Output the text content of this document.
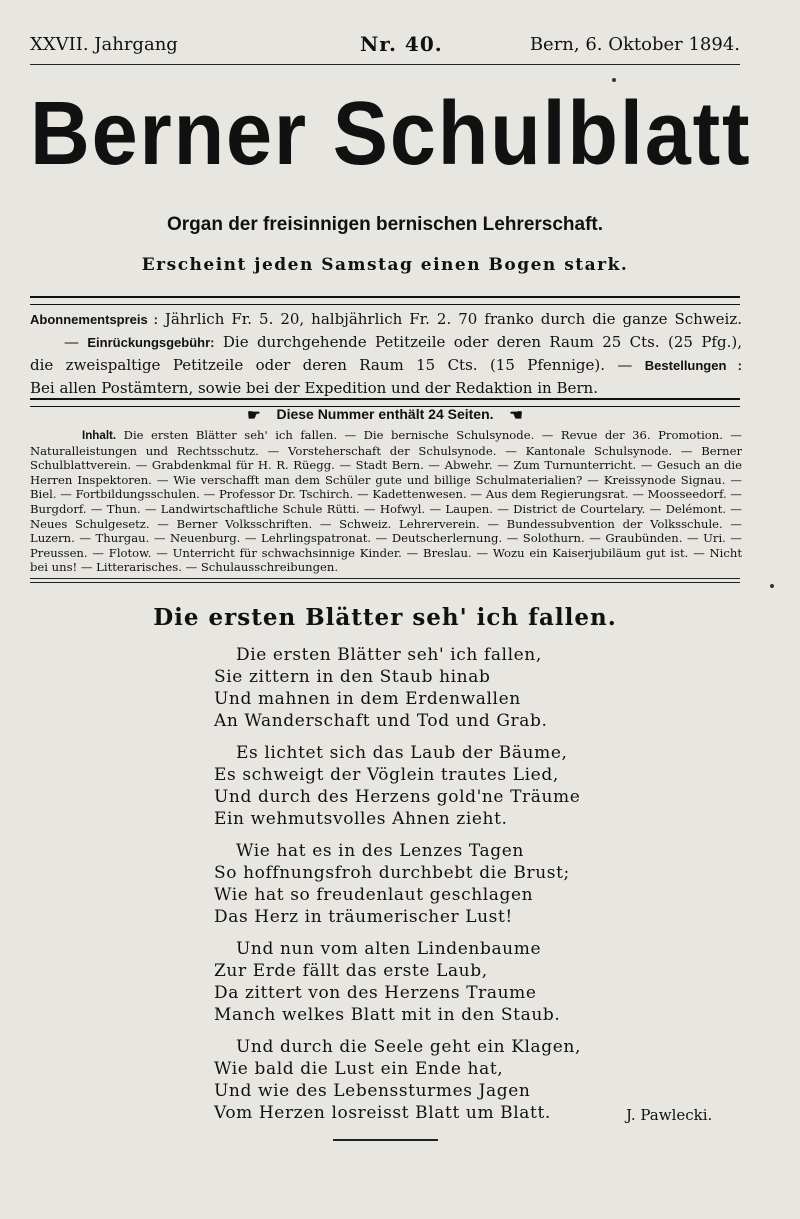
XXVII. Jahrgang	Nr. 40.	Bern, 6. Oktober 1894.
Berner Schulblatt
Organ der freisinnigen bernischen Lehrerschaft.
Erscheint jeden Samstag einen Bogen stark.

Abonnementspreis : Jährlich Fr. 5. 20, halbjährlich Fr. 2. 70 franko durch die ganze Schweiz.

— Einrückungsgebühr: Die durchgehende Petitzeile oder deren Raum 25 Cts. (25 Pfg.),

die zweispaltige Petitzeile oder deren Raum 15 Cts. (15 Pfennige). — Bestellungen :

Bei allen Postämtern, sowie bei der Expedition und der Redaktion in Bern.

☛ Diese Nummer enthält 24 Seiten. ☚

Inhalt. Die ersten Blätter seh' ich fallen. — Die bernische Schulsynode. — Revue der 36. Promotion. — Naturalleistungen und Rechtsschutz. — Vorsteherschaft der Schulsynode. — Kantonale Schulsynode. — Berner Schulblattverein. — Grabdenkmal für H. R. Rüegg. — Stadt Bern. — Abwehr. — Zum Turnunterricht. — Gesuch an die Herren Inspektoren. — Wie verschafft man dem Schüler gute und billige Schulmaterialien? — Kreissynode Signau. — Biel. — Fortbildungsschulen. — Professor Dr. Tschirch. — Kadettenwesen. — Aus dem Regierungsrat. — Moosseedorf. — Burgdorf. — Thun. — Landwirtschaftliche Schule Rütti. — Hofwyl. — Laupen. — District de Courtelary. — Delémont. — Neues Schulgesetz. — Berner Volksschriften. — Schweiz. Lehrerverein. — Bundessubvention der Volksschule. — Luzern. — Thurgau. — Neuenburg. — Lehrlingspatronat. — Deutscherlernung. — Solothurn. — Graubünden. — Uri. — Preussen. — Flotow. — Unterricht für schwachsinnige Kinder. — Breslau. — Wozu ein Kaiserjubiläum gut ist. — Nicht bei uns! — Litterarisches. — Schulausschreibungen.

Die ersten Blätter seh' ich fallen.
Die ersten Blätter seh' ich fallen,
Sie zittern in den Staub hinab
Und mahnen in dem Erdenwallen
An Wanderschaft und Tod und Grab.
Es lichtet sich das Laub der Bäume,
Es schweigt der Vöglein trautes Lied,
Und durch des Herzens gold'ne Träume
Ein wehmutsvolles Ahnen zieht.
Wie hat es in des Lenzes Tagen
So hoffnungsfroh durchbebt die Brust;
Wie hat so freudenlaut geschlagen
Das Herz in träumerischer Lust!
Und nun vom alten Lindenbaume
Zur Erde fällt das erste Laub,
Da zittert von des Herzens Traume
Manch welkes Blatt mit in den Staub.
Und durch die Seele geht ein Klagen,
Wie bald die Lust ein Ende hat,
Und wie des Lebenssturmes Jagen
Vom Herzen losreisst Blatt um Blatt.	J. Pawlecki.
